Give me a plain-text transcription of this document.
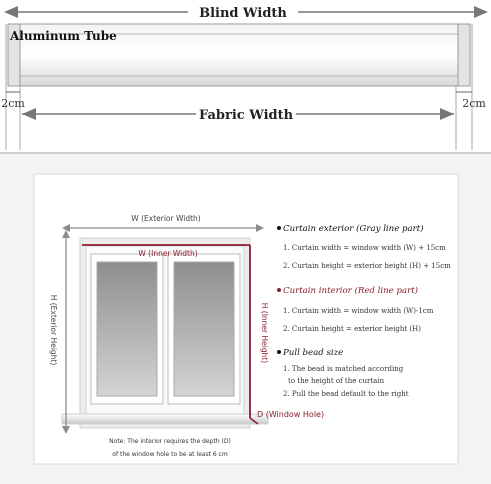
Blind Width
Aluminum Tube
Fabric Width
2cm	2cm
W (Exterior Width)
H (Exterior Height)
W (Inner Width)
H (Inner Height)
D (Window Hole)
Note: The interior requires the depth (D)
of the window hole to be at least 6 cm
Curtain exterior (Gray line part)
1. Curtain width = window width (W) + 15cm
2. Curtain height = exterior height (H) + 15cm
Curtain interior (Red line part)
1. Curtain width = window width (W)-1cm
2. Curtain height = exterior height (H)
Pull bead size
1. The bead is matched according
to the height of the curtain
2. Pull the bead default to the right
